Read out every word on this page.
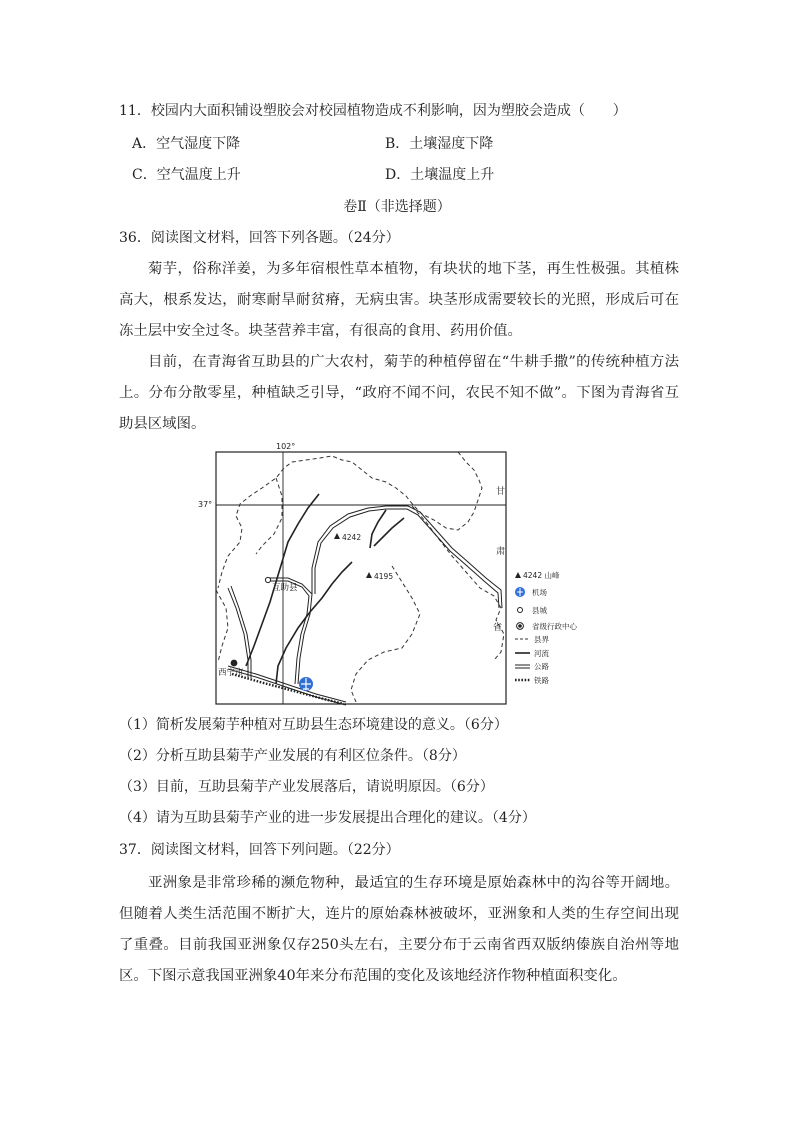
11．校园内大面积铺设塑胶会对校园植物造成不利影响，因为塑胶会造成（　　）
A．空气湿度下降	B．土壤湿度下降
C．空气温度上升	D．土壤温度上升
卷Ⅱ（非选择题）
36．阅读图文材料，回答下列各题。（24分）
菊芋，俗称洋姜，为多年宿根性草本植物，有块状的地下茎，再生性极强。其植株高大，根系发达，耐寒耐旱耐贫瘠，无病虫害。块茎形成需要较长的光照，形成后可在冻土层中安全过冬。块茎营养丰富，有很高的食用、药用价值。
目前，在青海省互助县的广大农村，菊芋的种植停留在“牛耕手撒”的传统种植方法上。分布分散零星，种植缺乏引导，“政府不闻不问，农民不知不做”。下图为青海省互助县区域图。
102°
37°
4242
4195
互助县
西宁市
甘
肃
省
4242 山峰
机场
县城
省级行政中心
县界
河流
公路
铁路
（1）简析发展菊芋种植对互助县生态环境建设的意义。（6分）
（2）分析互助县菊芋产业发展的有利区位条件。（8分）
（3）目前，互助县菊芋产业发展落后，请说明原因。（6分）
（4）请为互助县菊芋产业的进一步发展提出合理化的建议。（4分）
37．阅读图文材料，回答下列问题。（22分）
亚洲象是非常珍稀的濒危物种，最适宜的生存环境是原始森林中的沟谷等开阔地。但随着人类生活范围不断扩大，连片的原始森林被破坏，亚洲象和人类的生存空间出现了重叠。目前我国亚洲象仅存250头左右，主要分布于云南省西双版纳傣族自治州等地区。下图示意我国亚洲象40年来分布范围的变化及该地经济作物种植面积变化。
